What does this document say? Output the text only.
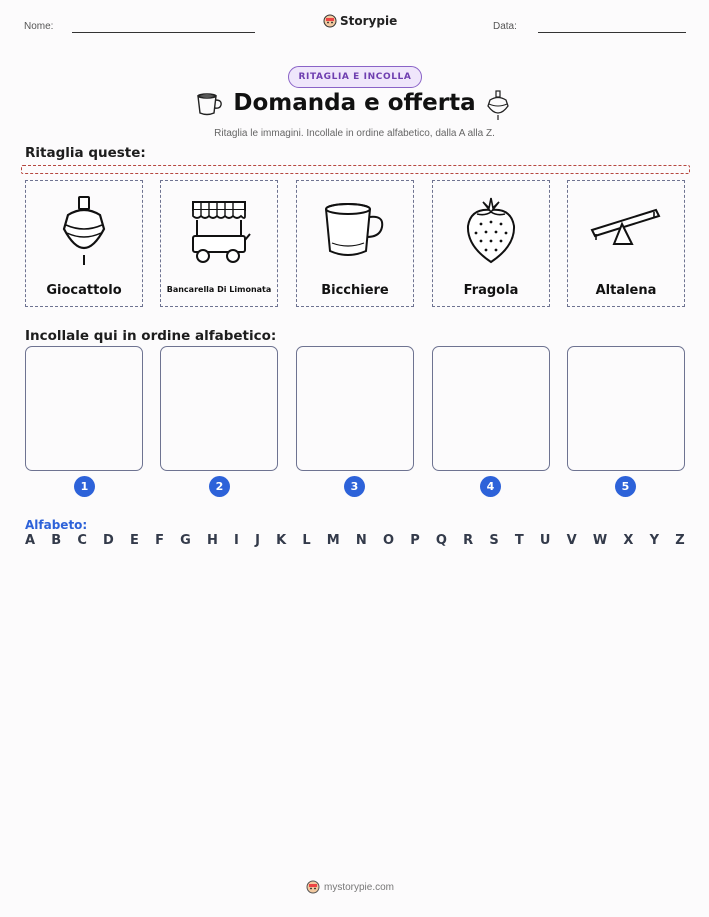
Nome:	Storypie	Data:
RITAGLIA E INCOLLA
Domanda e offerta
Ritaglia le immagini. Incollale in ordine alfabetico, dalla A alla Z.
Ritaglia queste:
Giocattolo	Bancarella Di Limonata	Bicchiere	Fragola	Altalena
Incollale qui in ordine alfabetico:
1	2	3	4	5
Alfabeto:
A B C D E F G H I J K L M N O P Q R S T U V W X Y Z
mystorypie.com
